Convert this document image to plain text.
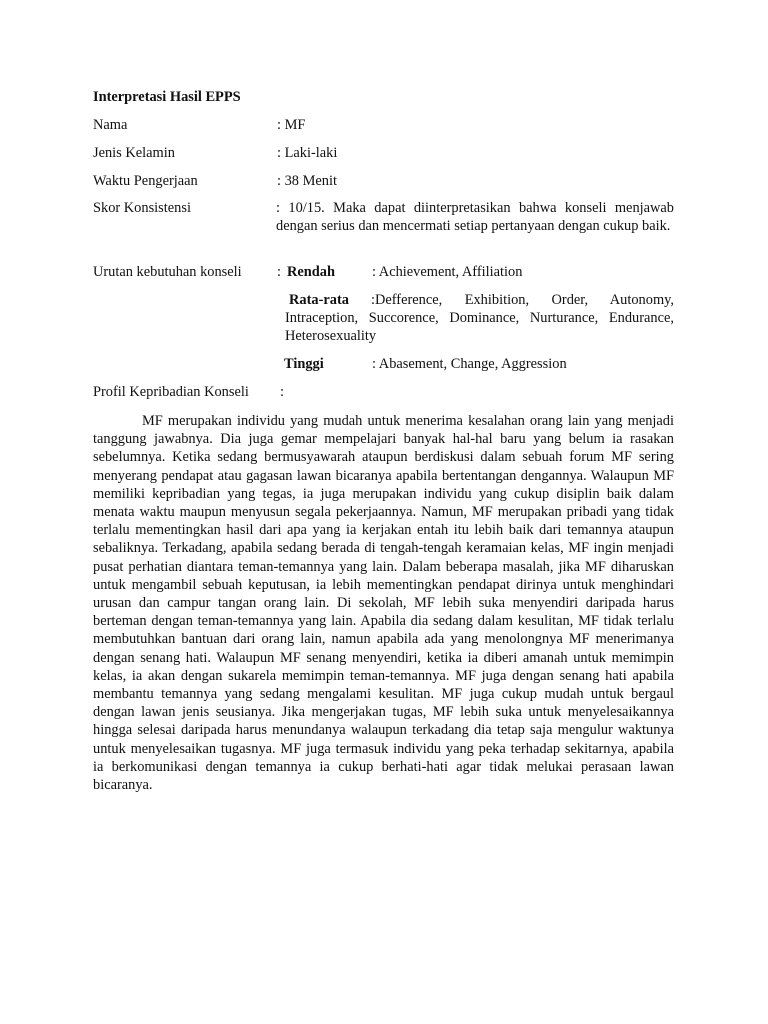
Interpretasi Hasil EPPS
Nama	: MF
Jenis Kelamin	: Laki-laki
Waktu Pengerjaan	: 38 Menit
Skor Konsistensi	: 10/15. Maka dapat diinterpretasikan bahwa konseli menjawab dengan serius dan mencermati setiap pertanyaan dengan cukup baik.
Urutan kebutuhan konseli : Rendah	: Achievement, Affiliation
Rata-rata	:Defference, Exhibition, Order, Autonomy, Intraception, Succorence, Dominance, Nurturance, Endurance, Heterosexuality
Tinggi	: Abasement, Change, Aggression
Profil Kepribadian Konseli :
MF merupakan individu yang mudah untuk menerima kesalahan orang lain yang menjadi tanggung jawabnya. Dia juga gemar mempelajari banyak hal-hal baru yang belum ia rasakan sebelumnya. Ketika sedang bermusyawarah ataupun berdiskusi dalam sebuah forum MF sering menyerang pendapat atau gagasan lawan bicaranya apabila bertentangan dengannya. Walaupun MF memiliki kepribadian yang tegas, ia juga merupakan individu yang cukup disiplin baik dalam menata waktu maupun menyusun segala pekerjaannya. Namun, MF merupakan pribadi yang tidak terlalu mementingkan hasil dari apa yang ia kerjakan entah itu lebih baik dari temannya ataupun sebaliknya. Terkadang, apabila sedang berada di tengah-tengah keramaian kelas, MF ingin menjadi pusat perhatian diantara teman-temannya yang lain. Dalam beberapa masalah, jika MF diharuskan untuk mengambil sebuah keputusan, ia lebih mementingkan pendapat dirinya untuk menghindari urusan dan campur tangan orang lain. Di sekolah, MF lebih suka menyendiri daripada harus berteman dengan teman-temannya yang lain. Apabila dia sedang dalam kesulitan, MF tidak terlalu membutuhkan bantuan dari orang lain, namun apabila ada yang menolongnya MF menerimanya dengan senang hati. Walaupun MF senang menyendiri, ketika ia diberi amanah untuk memimpin kelas, ia akan dengan sukarela memimpin teman-temannya. MF juga dengan senang hati apabila membantu temannya yang sedang mengalami kesulitan. MF juga cukup mudah untuk bergaul dengan lawan jenis seusianya. Jika mengerjakan tugas, MF lebih suka untuk menyelesaikannya hingga selesai daripada harus menundanya walaupun terkadang dia tetap saja mengulur waktunya untuk menyelesaikan tugasnya. MF juga termasuk individu yang peka terhadap sekitarnya, apabila ia berkomunikasi dengan temannya ia cukup berhati-hati agar tidak melukai perasaan lawan bicaranya.
